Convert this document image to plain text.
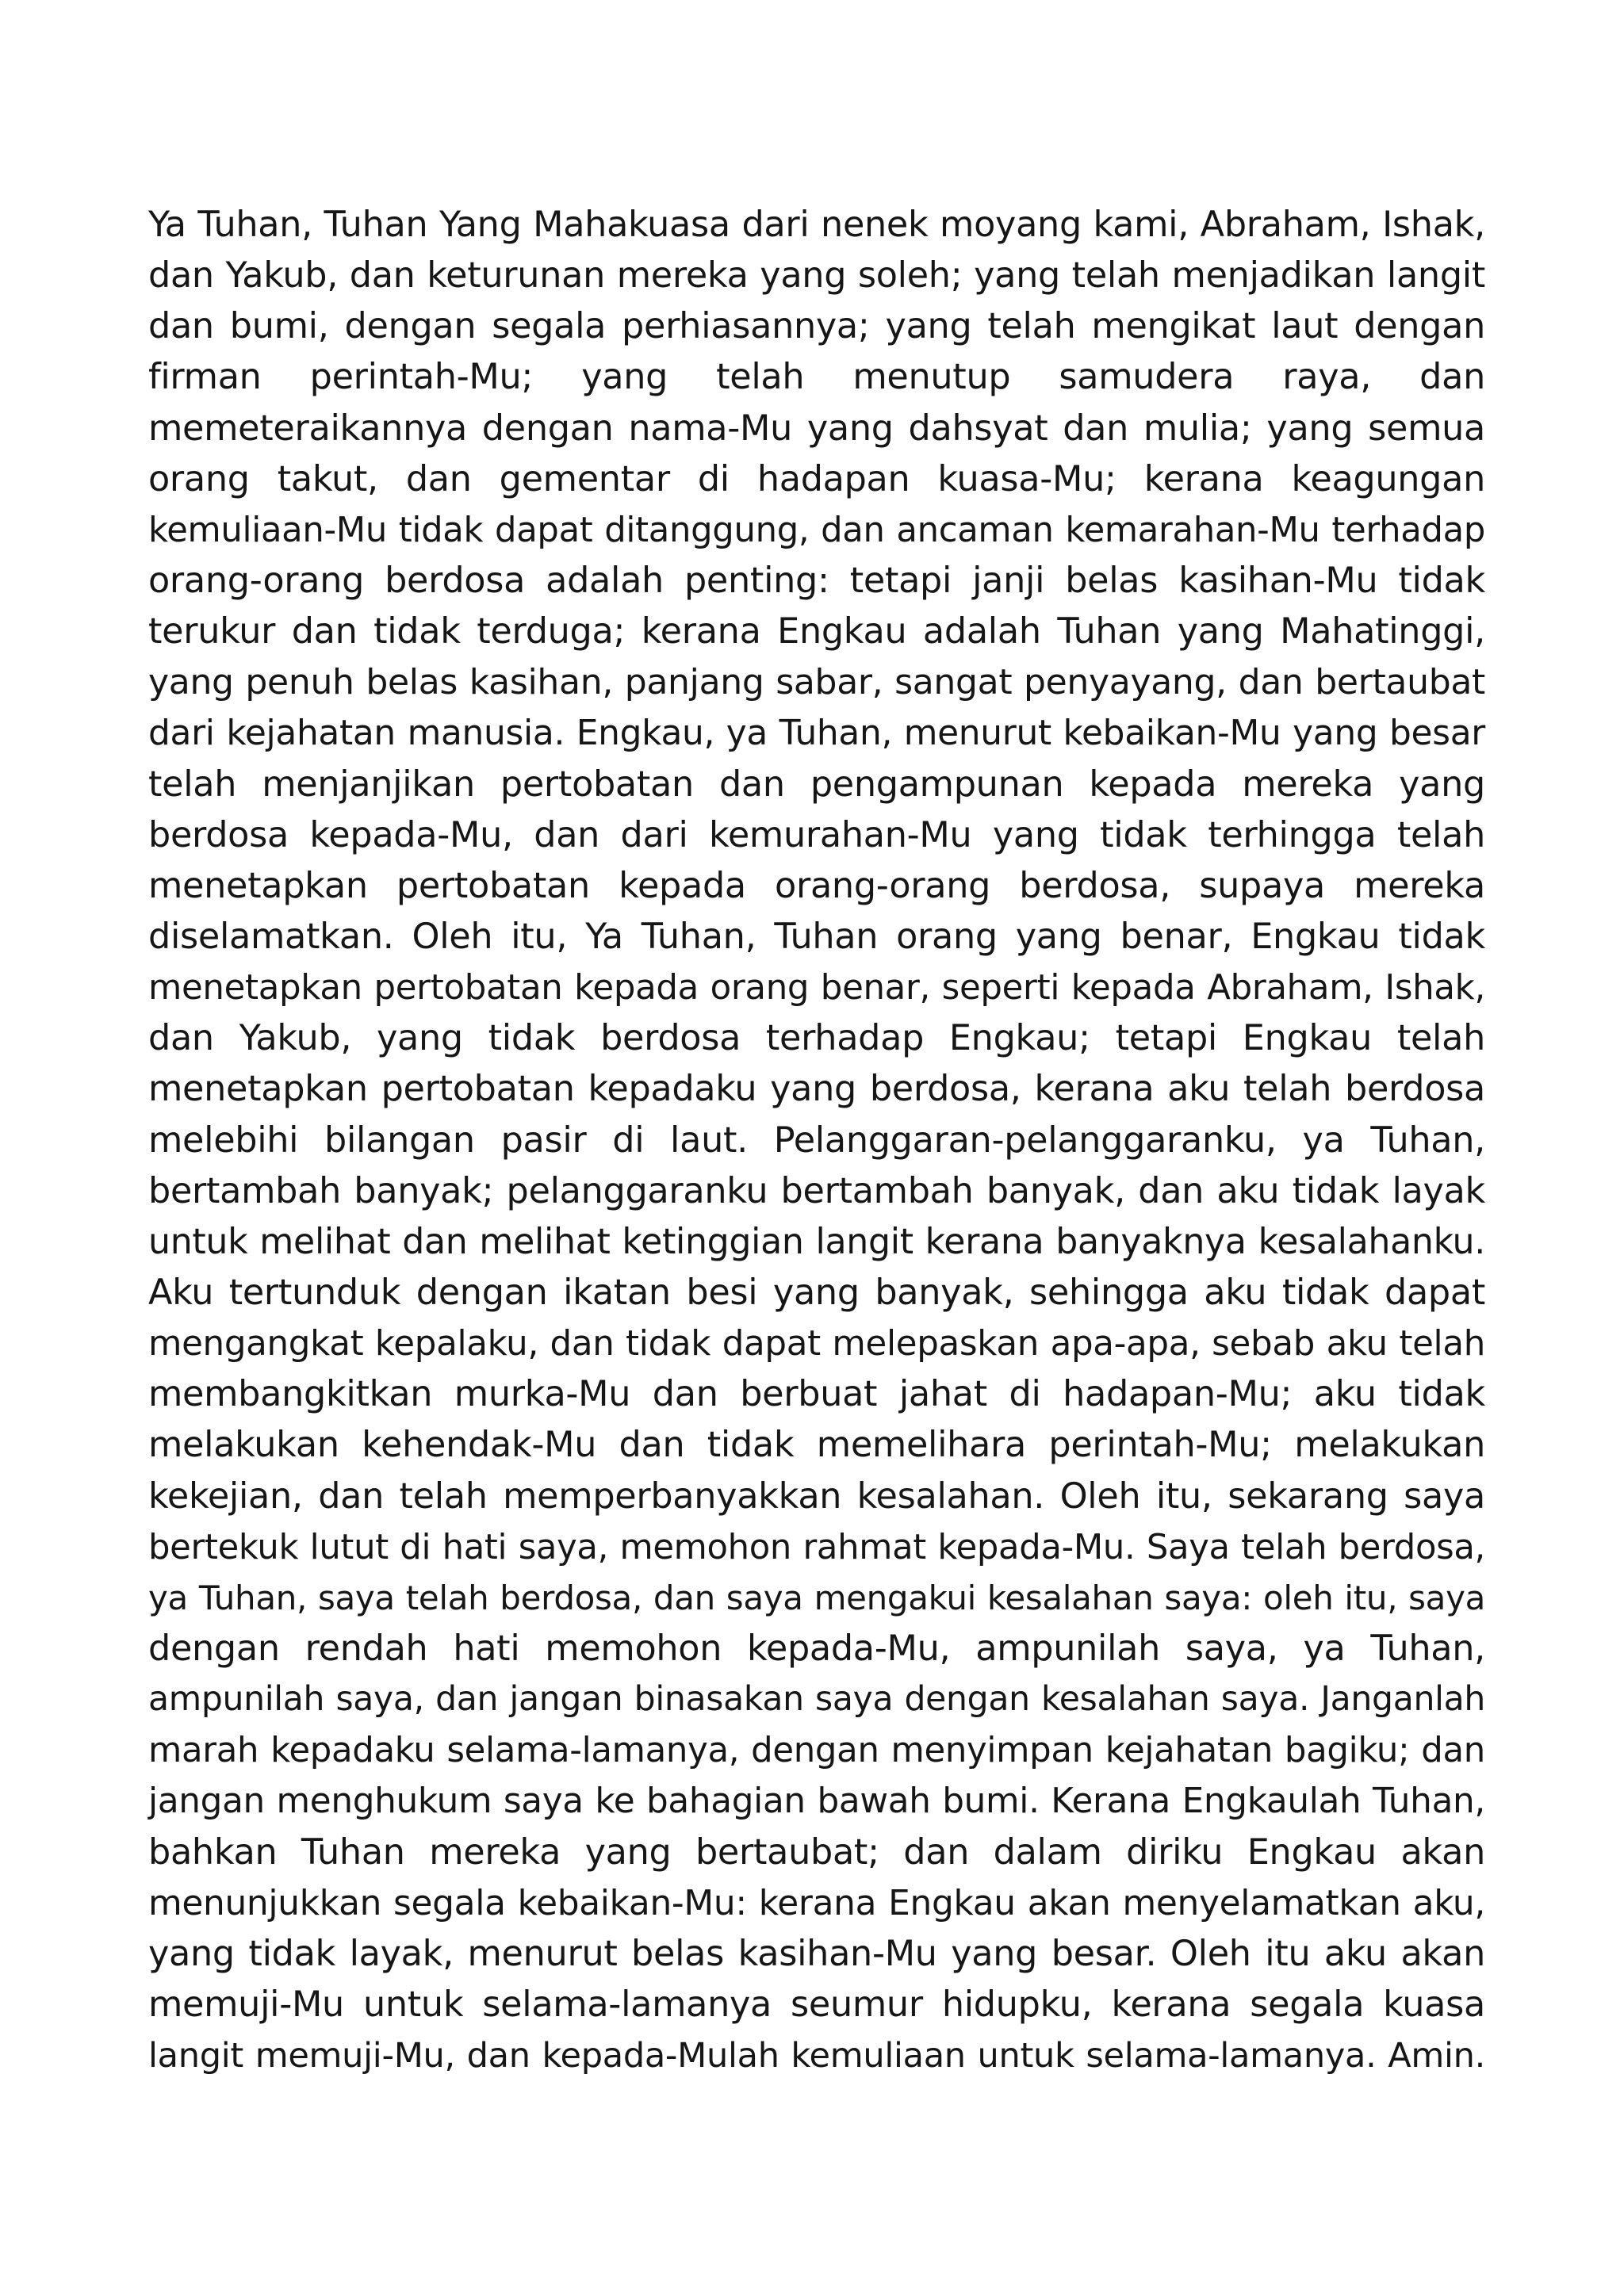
Ya Tuhan, Tuhan Yang Mahakuasa dari nenek moyang kami, Abraham, Ishak,
dan Yakub, dan keturunan mereka yang soleh; yang telah menjadikan langit
dan bumi, dengan segala perhiasannya; yang telah mengikat laut dengan
firman perintah-Mu; yang telah menutup samudera raya, dan
memeteraikannya dengan nama-Mu yang dahsyat dan mulia; yang semua
orang takut, dan gementar di hadapan kuasa-Mu; kerana keagungan
kemuliaan-Mu tidak dapat ditanggung, dan ancaman kemarahan-Mu terhadap
orang-orang berdosa adalah penting: tetapi janji belas kasihan-Mu tidak
terukur dan tidak terduga; kerana Engkau adalah Tuhan yang Mahatinggi,
yang penuh belas kasihan, panjang sabar, sangat penyayang, dan bertaubat
dari kejahatan manusia. Engkau, ya Tuhan, menurut kebaikan-Mu yang besar
telah menjanjikan pertobatan dan pengampunan kepada mereka yang
berdosa kepada-Mu, dan dari kemurahan-Mu yang tidak terhingga telah
menetapkan pertobatan kepada orang-orang berdosa, supaya mereka
diselamatkan. Oleh itu, Ya Tuhan, Tuhan orang yang benar, Engkau tidak
menetapkan pertobatan kepada orang benar, seperti kepada Abraham, Ishak,
dan Yakub, yang tidak berdosa terhadap Engkau; tetapi Engkau telah
menetapkan pertobatan kepadaku yang berdosa, kerana aku telah berdosa
melebihi bilangan pasir di laut. Pelanggaran-pelanggaranku, ya Tuhan,
bertambah banyak; pelanggaranku bertambah banyak, dan aku tidak layak
untuk melihat dan melihat ketinggian langit kerana banyaknya kesalahanku.
Aku tertunduk dengan ikatan besi yang banyak, sehingga aku tidak dapat
mengangkat kepalaku, dan tidak dapat melepaskan apa-apa, sebab aku telah
membangkitkan murka-Mu dan berbuat jahat di hadapan-Mu; aku tidak
melakukan kehendak-Mu dan tidak memelihara perintah-Mu; melakukan
kekejian, dan telah memperbanyakkan kesalahan. Oleh itu, sekarang saya
bertekuk lutut di hati saya, memohon rahmat kepada-Mu. Saya telah berdosa,
ya Tuhan, saya telah berdosa, dan saya mengakui kesalahan saya: oleh itu, saya
dengan rendah hati memohon kepada-Mu, ampunilah saya, ya Tuhan,
ampunilah saya, dan jangan binasakan saya dengan kesalahan saya. Janganlah
marah kepadaku selama-lamanya, dengan menyimpan kejahatan bagiku; dan
jangan menghukum saya ke bahagian bawah bumi. Kerana Engkaulah Tuhan,
bahkan Tuhan mereka yang bertaubat; dan dalam diriku Engkau akan
menunjukkan segala kebaikan-Mu: kerana Engkau akan menyelamatkan aku,
yang tidak layak, menurut belas kasihan-Mu yang besar. Oleh itu aku akan
memuji-Mu untuk selama-lamanya seumur hidupku, kerana segala kuasa
langit memuji-Mu, dan kepada-Mulah kemuliaan untuk selama-lamanya. Amin.
